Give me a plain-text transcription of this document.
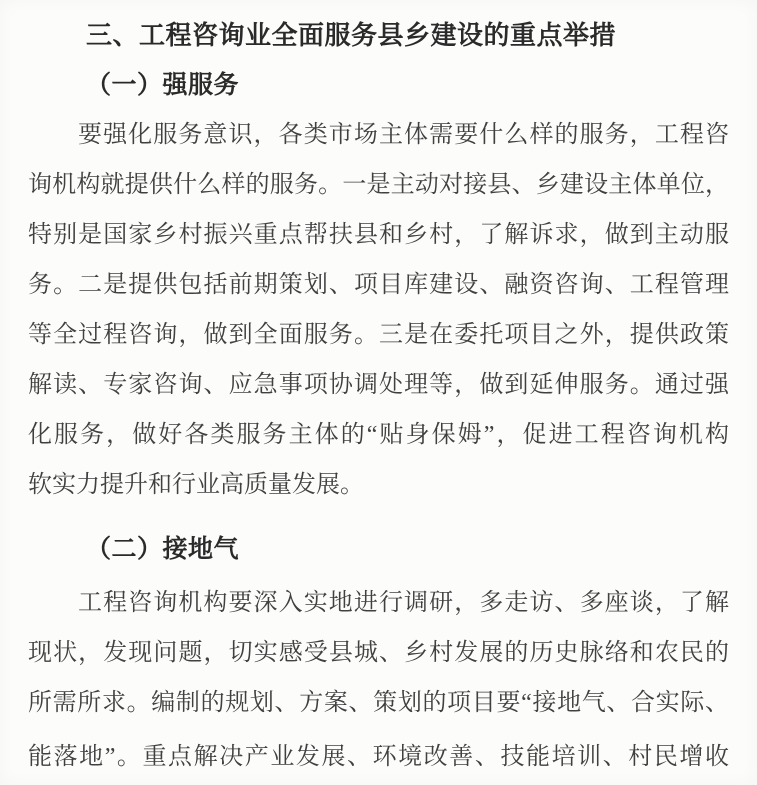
三、工程咨询业全面服务县乡建设的重点举措
（一）强服务
要强化服务意识，各类市场主体需要什么样的服务，工程咨
询机构就提供什么样的服务。一是主动对接县、乡建设主体单位，
特别是国家乡村振兴重点帮扶县和乡村，了解诉求，做到主动服
务。二是提供包括前期策划、项目库建设、融资咨询、工程管理
等全过程咨询，做到全面服务。三是在委托项目之外，提供政策
解读、专家咨询、应急事项协调处理等，做到延伸服务。通过强
化服务，做好各类服务主体的“贴身保姆”，促进工程咨询机构
软实力提升和行业高质量发展。
（二）接地气
工程咨询机构要深入实地进行调研，多走访、多座谈，了解
现状，发现问题，切实感受县城、乡村发展的历史脉络和农民的
所需所求。编制的规划、方案、策划的项目要“接地气、合实际、
能落地”。重点解决产业发展、环境改善、技能培训、村民增收
